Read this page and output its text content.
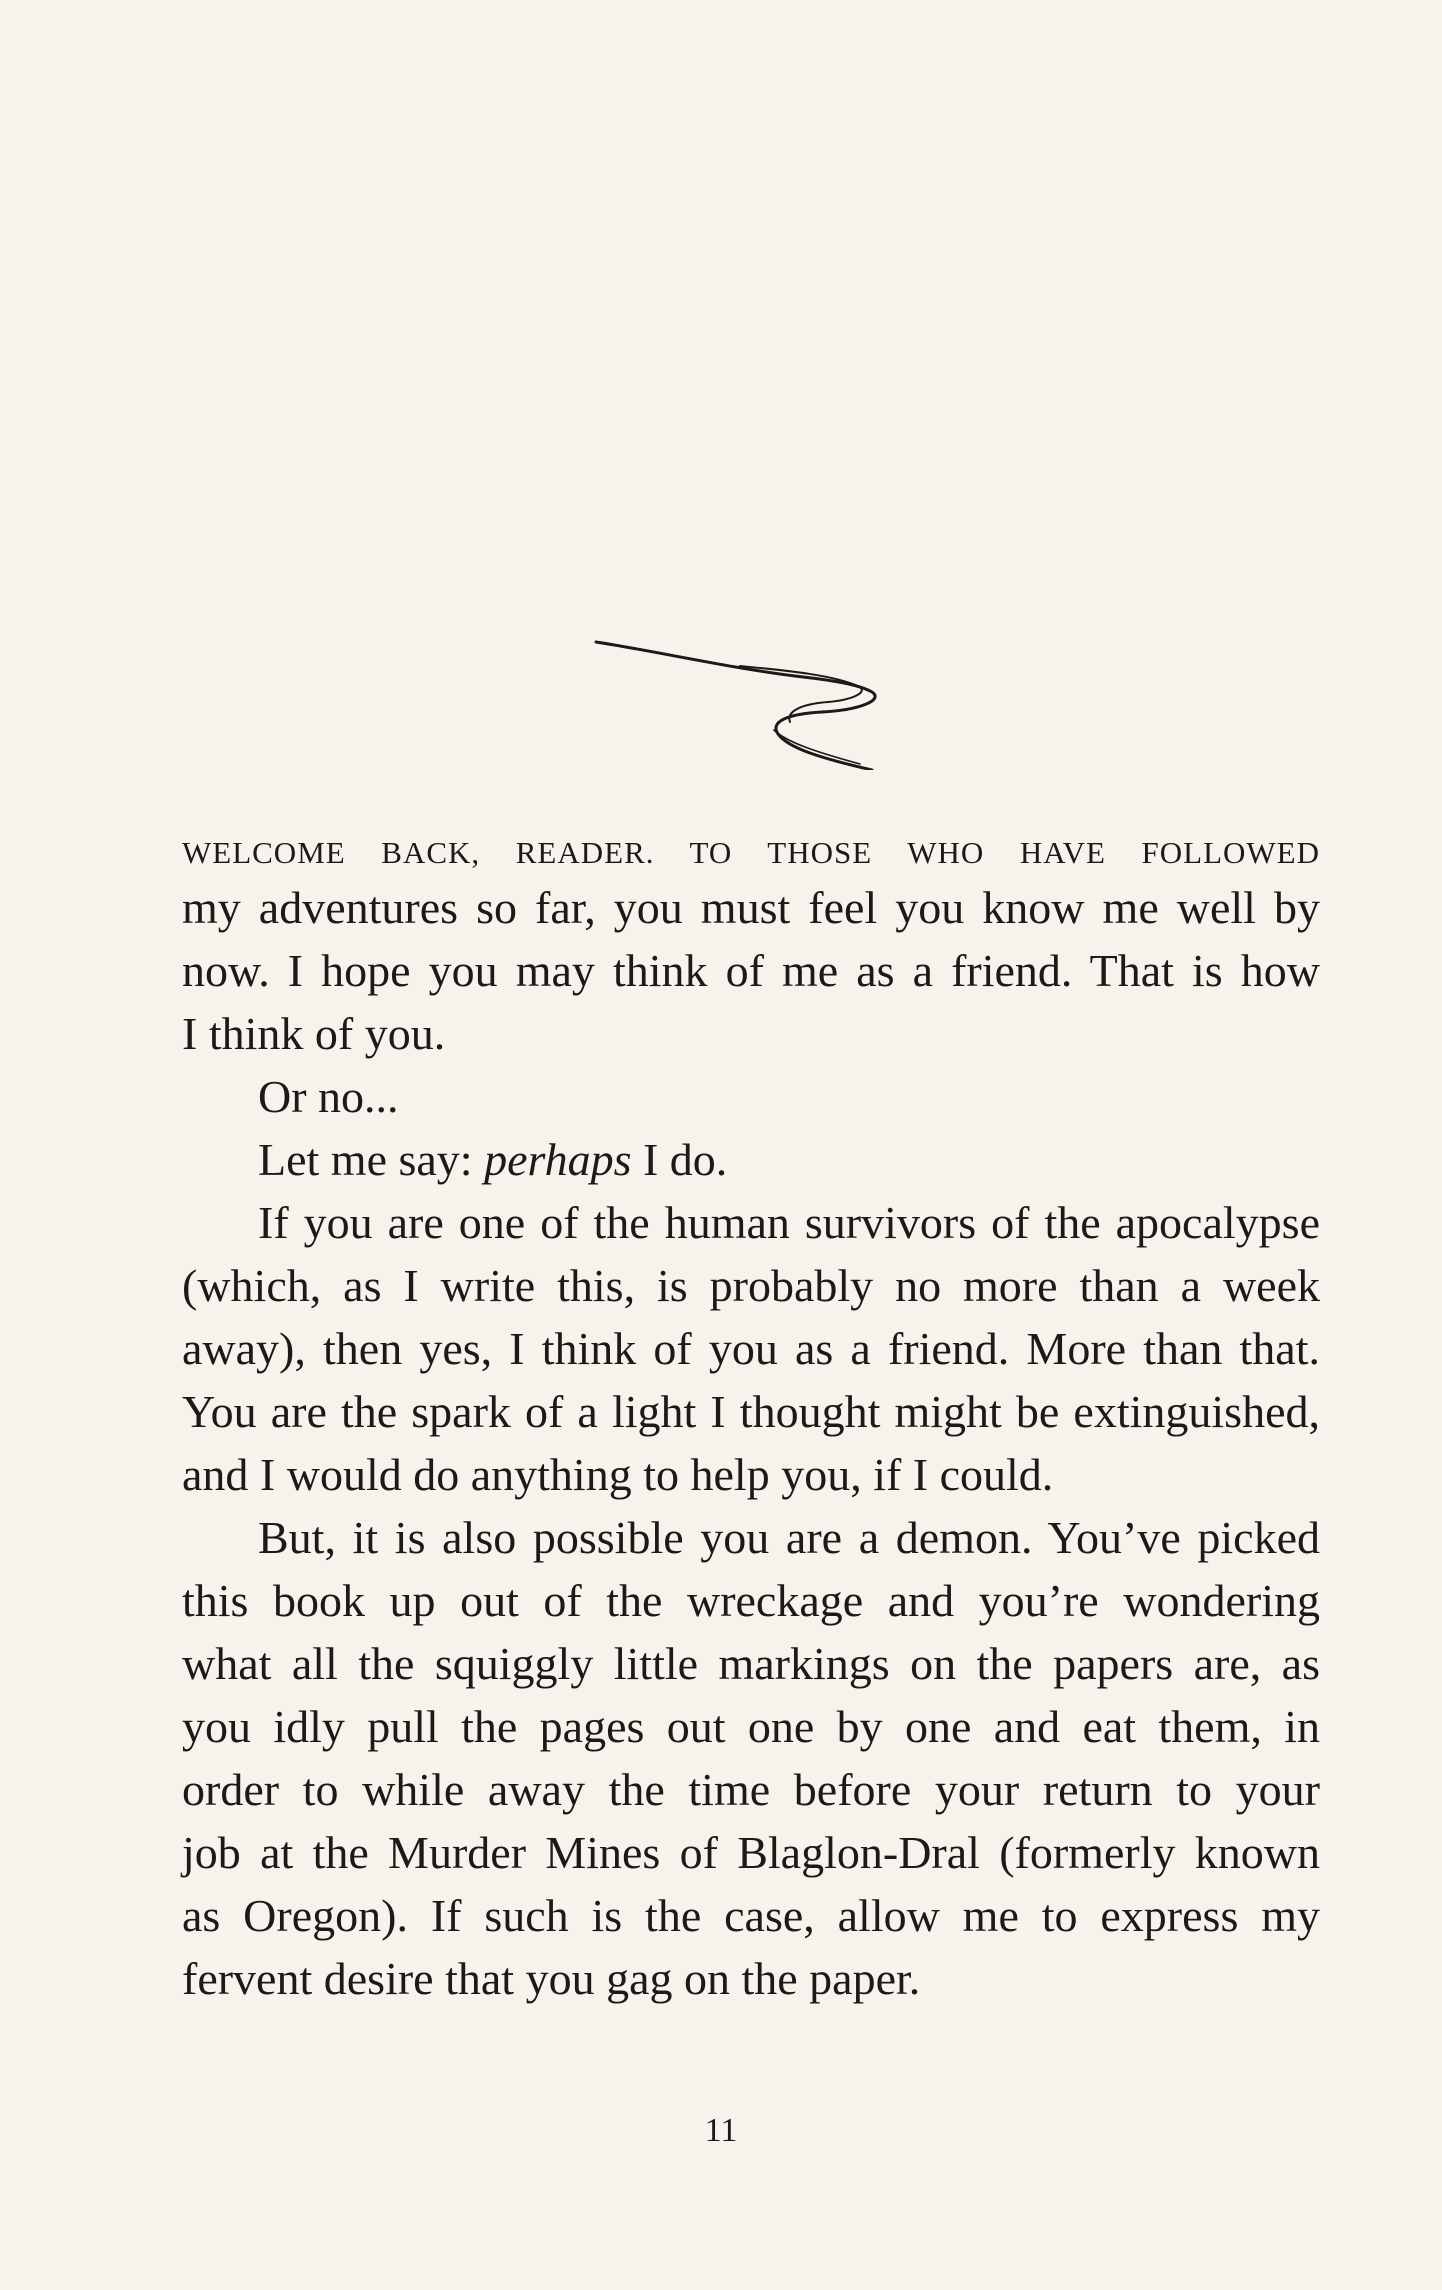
WELCOME BACK, READER. TO THOSE WHO HAVE FOLLOWED
my adventures so far, you must feel you know me well by
now. I hope you may think of me as a friend. That is how
I think of you.
Or no...
Let me say: perhaps I do.
If you are one of the human survivors of the apocalypse
(which, as I write this, is probably no more than a week
away), then yes, I think of you as a friend. More than that.
You are the spark of a light I thought might be extinguished,
and I would do anything to help you, if I could.
But, it is also possible you are a demon. You’ve picked
this book up out of the wreckage and you’re wondering
what all the squiggly little markings on the papers are, as
you idly pull the pages out one by one and eat them, in
order to while away the time before your return to your
job at the Murder Mines of Blaglon-Dral (formerly known
as Oregon). If such is the case, allow me to express my
fervent desire that you gag on the paper.
11
